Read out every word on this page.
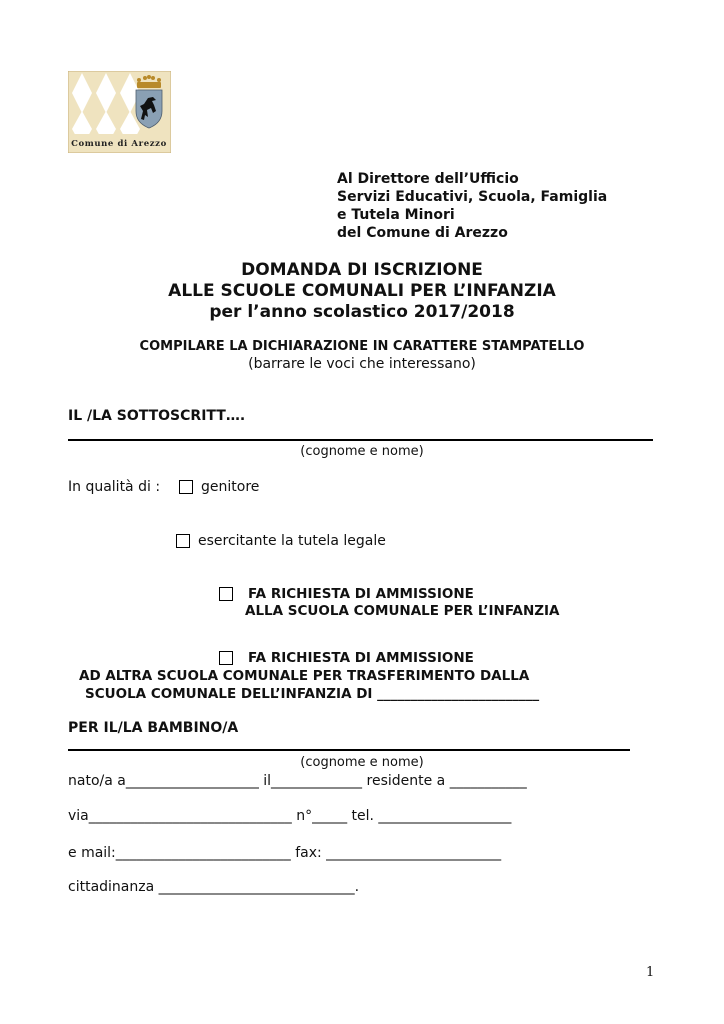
Comune di Arezzo
Al Direttore dell’Ufficio
Servizi Educativi, Scuola, Famiglia
e Tutela Minori
del Comune di Arezzo
DOMANDA DI ISCRIZIONE
ALLE SCUOLE COMUNALI PER L’INFANZIA
per l’anno scolastico 2017/2018
COMPILARE LA DICHIARAZIONE IN CARATTERE STAMPATELLO
(barrare le voci che interessano)
IL /LA SOTTOSCRITT….
(cognome e nome)
In qualità di :	genitore
esercitante la tutela legale
FA RICHIESTA DI AMMISSIONE
ALLA SCUOLA COMUNALE PER L’INFANZIA
FA RICHIESTA DI AMMISSIONE
AD ALTRA SCUOLA COMUNALE PER TRASFERIMENTO DALLA
SCUOLA COMUNALE DELL’INFANZIA DI ________________________
PER IL/LA BAMBINO/A
(cognome e nome)
nato/a a___________________ il_____________ residente a ___________
via_____________________________ n°_____ tel. ___________________
e mail:_________________________ fax: _________________________
cittadinanza ____________________________.
1
